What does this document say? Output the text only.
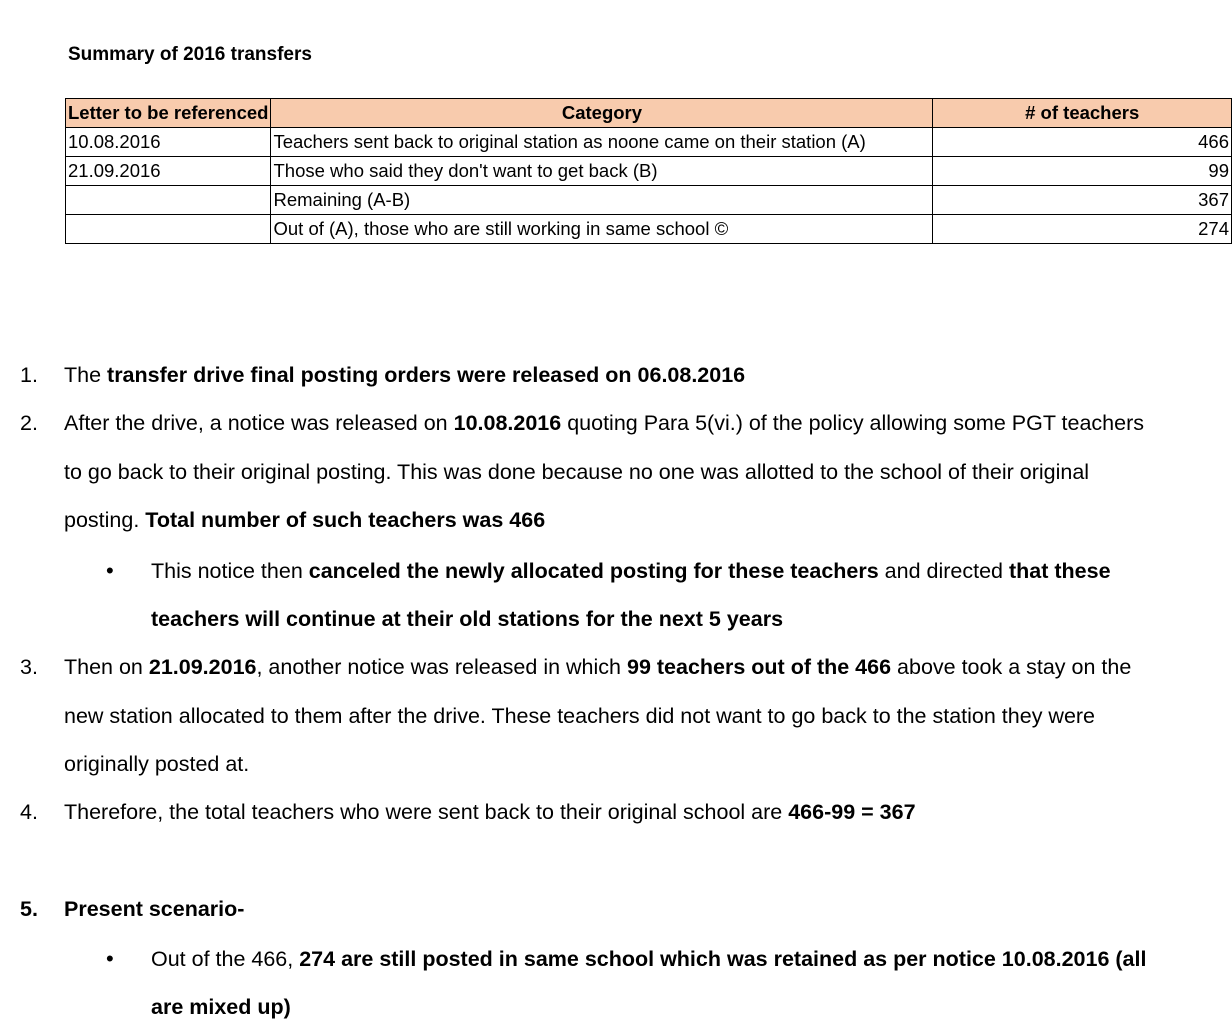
Summary of 2016 transfers
Letter to be referenced	Category	# of teachers
10.08.2016	Teachers sent back to original station as noone came on their station (A)	466
21.09.2016	Those who said they don't want to get back (B)	99
	Remaining (A-B)	367
	Out of (A), those who are still working in same school ©	274
1.	The transfer drive final posting orders were released on 06.08.2016
2.	After the drive, a notice was released on 10.08.2016 quoting Para 5(vi.) of the policy allowing some PGT teachers to go back to their original posting. This was done because no one was allotted to the school of their original posting. Total number of such teachers was 466
• This notice then canceled the newly allocated posting for these teachers and directed that these teachers will continue at their old stations for the next 5 years
3.	Then on 21.09.2016, another notice was released in which 99 teachers out of the 466 above took a stay on the new station allocated to them after the drive. These teachers did not want to go back to the station they were originally posted at.
4.	Therefore, the total teachers who were sent back to their original school are 466-99 = 367
5.	Present scenario-
• Out of the 466, 274 are still posted in same school which was retained as per notice 10.08.2016 (all are mixed up)
